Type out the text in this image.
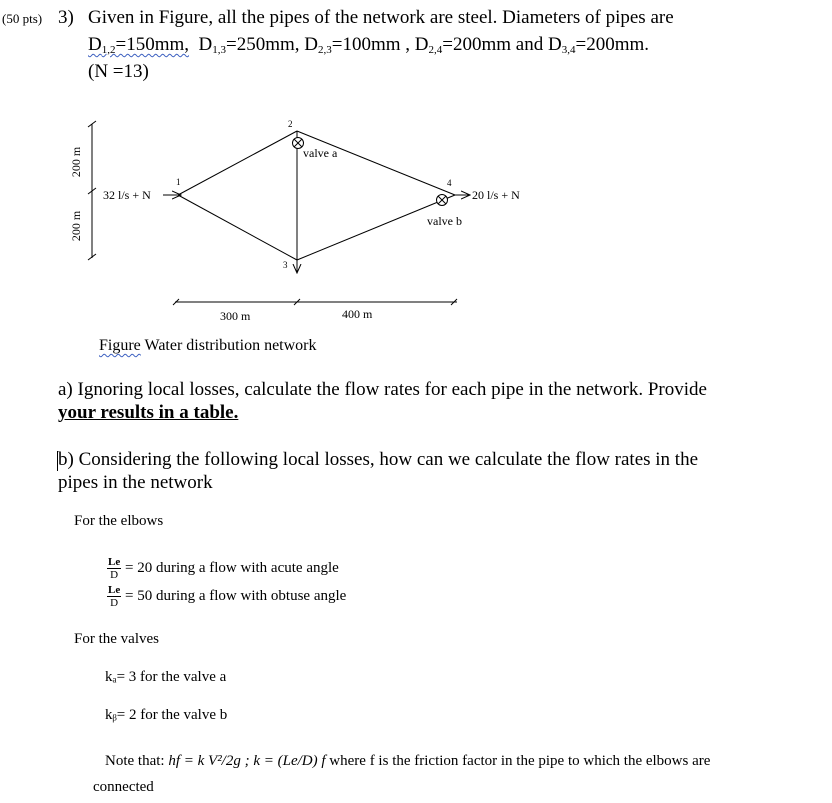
(50 pts) 3) Given in Figure, all the pipes of the network are steel. Diameters of pipes are
$D_{1,2}=150mm$, $D_{1,3}=250mm$, $D_{2,3}=100mm$ , $D_{2,4}=200mm$ and $D_{3,4}=200mm$.
(N =13)
200 m
200 m
32 l/s + N	20 l/s + N
1
2
3
4
valve a
valve b
300 m	400 m
Figure Water distribution network
a) Ignoring local losses, calculate the flow rates for each pipe in the network. Provide
your results in a table.
b) Considering the following local losses, how can we calculate the flow rates in the
pipes in the network
For the elbows
$\frac{Le}{D} = 20$ during a flow with acute angle
$\frac{Le}{D} = 50$ during a flow with obtuse angle
For the valves
kₐ= 3 for the valve a
kᵦ= 2 for the valve b
Note that: hf = k V²/2g ; k = (Le/D) f where f is the friction factor in the pipe to which the elbows are
connected
